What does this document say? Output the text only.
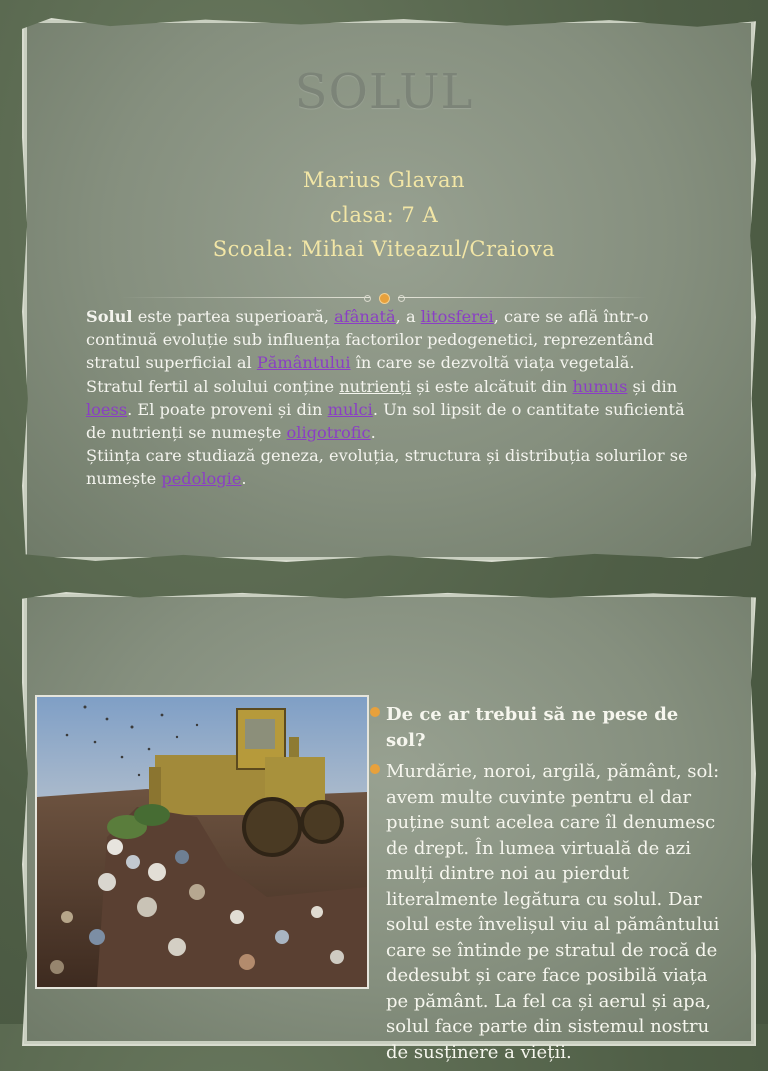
SOLUL
Marius Glavan
clasa: 7 A
Scoala: Mihai Viteazul/Craiova
Solul este partea superioară, afânată, a litosferei, care se află într-o continuă evoluție sub influența factorilor pedogenetici, reprezentând stratul superficial al Pământului în care se dezvoltă viața vegetală. Stratul fertil al solului conține nutrienți și este alcătuit din humus și din loess. El poate proveni și din mulci. Un sol lipsit de o cantitate suficientă de nutrienți se numește oligotrofic.
Știința care studiază geneza, evoluția, structura și distribuția solurilor se numește pedologie.
De ce ar trebui să ne pese de sol?
Murdărie, noroi, argilă, pământ, sol: avem multe cuvinte pentru el dar puține sunt acelea care îl denumesc de drept. În lumea virtuală de azi mulți dintre noi au pierdut literalmente legătura cu solul. Dar solul este învelișul viu al pământului care se întinde pe stratul de rocă de dedesubt și care face posibilă viața pe pământ. La fel ca și aerul și apa, solul face parte din sistemul nostru de susținere a vieții.
